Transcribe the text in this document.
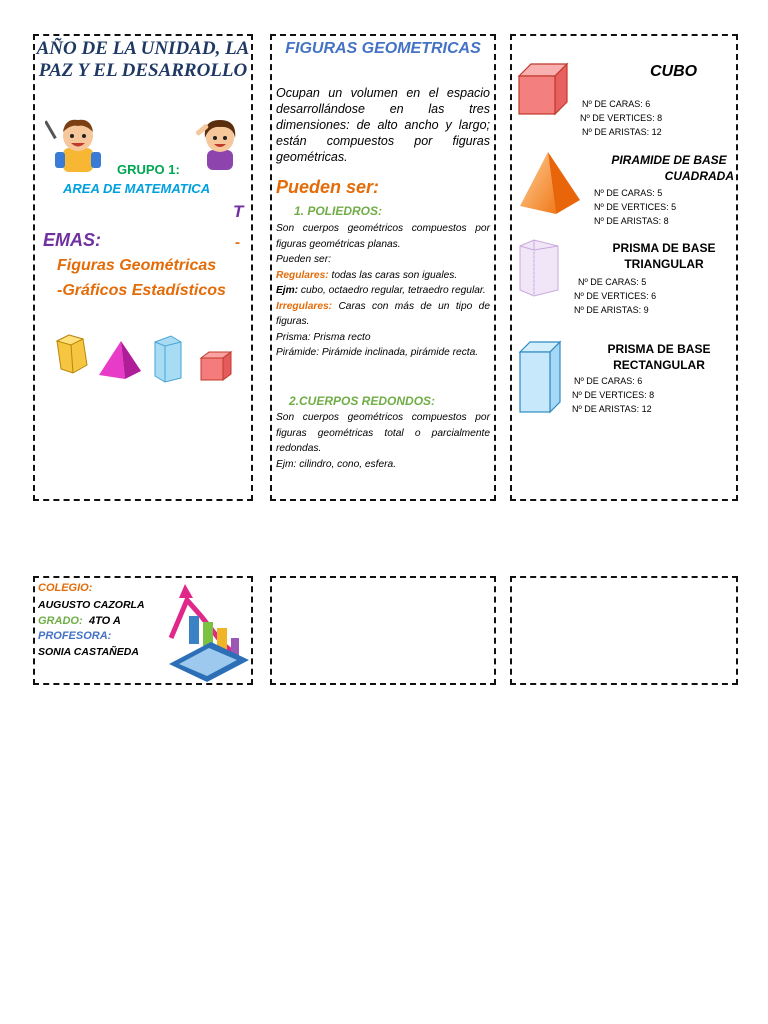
AÑO DE LA UNIDAD, LA PAZ Y EL DESARROLLO
GRUPO 1:
AREA DE MATEMATICA
T
-
EMAS:
Figuras Geométricas
-Gráficos Estadísticos
FIGURAS GEOMETRICAS
Ocupan un volumen en el espacio desarrollándose en las tres dimensiones: de alto ancho y largo; están compuestos por figuras geométricas.
Pueden ser:
1. POLIEDROS:
Son cuerpos geométricos compuestos por figuras geométricas planas.
Pueden ser:
Regulares: todas las caras son iguales.
Ejm: cubo, octaedro regular, tetraedro regular.
Irregulares: Caras con más de un tipo de figuras.
Prisma: Prisma recto
Pirámide: Pirámide inclinada, pirámide recta.
2.CUERPOS REDONDOS:
Son cuerpos geométricos compuestos por figuras geométricas total o parcialmente redondas.
Ejm: cilindro, cono, esfera.
CUBO
Nº DE CARAS: 6
Nº DE VERTICES: 8
Nº DE ARISTAS: 12
PIRAMIDE DE BASE
CUADRADA
Nº DE CARAS: 5
Nº DE VERTICES: 5
Nº DE ARISTAS: 8
PRISMA DE BASE
TRIANGULAR
Nº DE CARAS: 5
Nº DE VERTICES: 6
Nº DE ARISTAS: 9
PRISMA DE BASE
RECTANGULAR
Nº DE CARAS: 6
Nº DE VERTICES: 8
Nº DE ARISTAS: 12
COLEGIO:
AUGUSTO CAZORLA
GRADO: 4TO A
PROFESORA:
SONIA CASTAÑEDA
